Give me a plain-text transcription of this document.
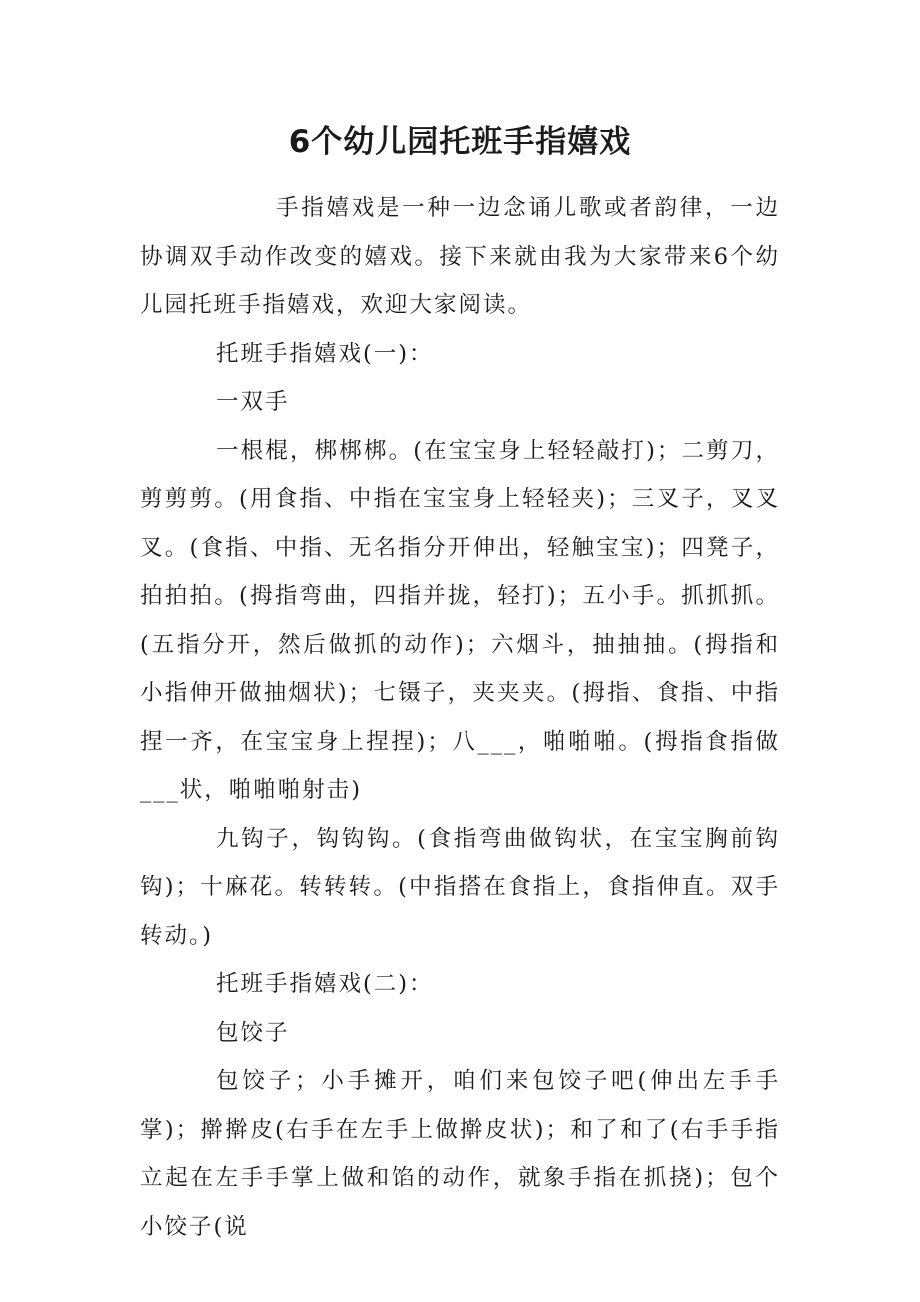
6个幼儿园托班手指嬉戏

手指嬉戏是一种一边念诵儿歌或者韵律，一边协调双手动作改变的嬉戏。接下来就由我为大家带来6个幼儿园托班手指嬉戏，欢迎大家阅读。

托班手指嬉戏(一)：

一双手

一根棍，梆梆梆。(在宝宝身上轻轻敲打)；二剪刀，剪剪剪。(用食指、中指在宝宝身上轻轻夹)；三叉子，叉叉叉。(食指、中指、无名指分开伸出，轻触宝宝)；四凳子，拍拍拍。(拇指弯曲，四指并拢，轻打)；五小手。抓抓抓。(五指分开，然后做抓的动作)；六烟斗，抽抽抽。(拇指和小指伸开做抽烟状)；七镊子，夹夹夹。(拇指、食指、中指捏一齐，在宝宝身上捏捏)；八___，啪啪啪。(拇指食指做___状，啪啪啪射击)

九钩子，钩钩钩。(食指弯曲做钩状，在宝宝胸前钩钩)；十麻花。转转转。(中指搭在食指上，食指伸直。双手转动。)

托班手指嬉戏(二)：

包饺子

包饺子；小手摊开，咱们来包饺子吧(伸出左手手掌)；擀擀皮(右手在左手上做擀皮状)；和了和了(右手手指立起在左手手掌上做和馅的动作，就象手指在抓挠)；包个小饺子(说
